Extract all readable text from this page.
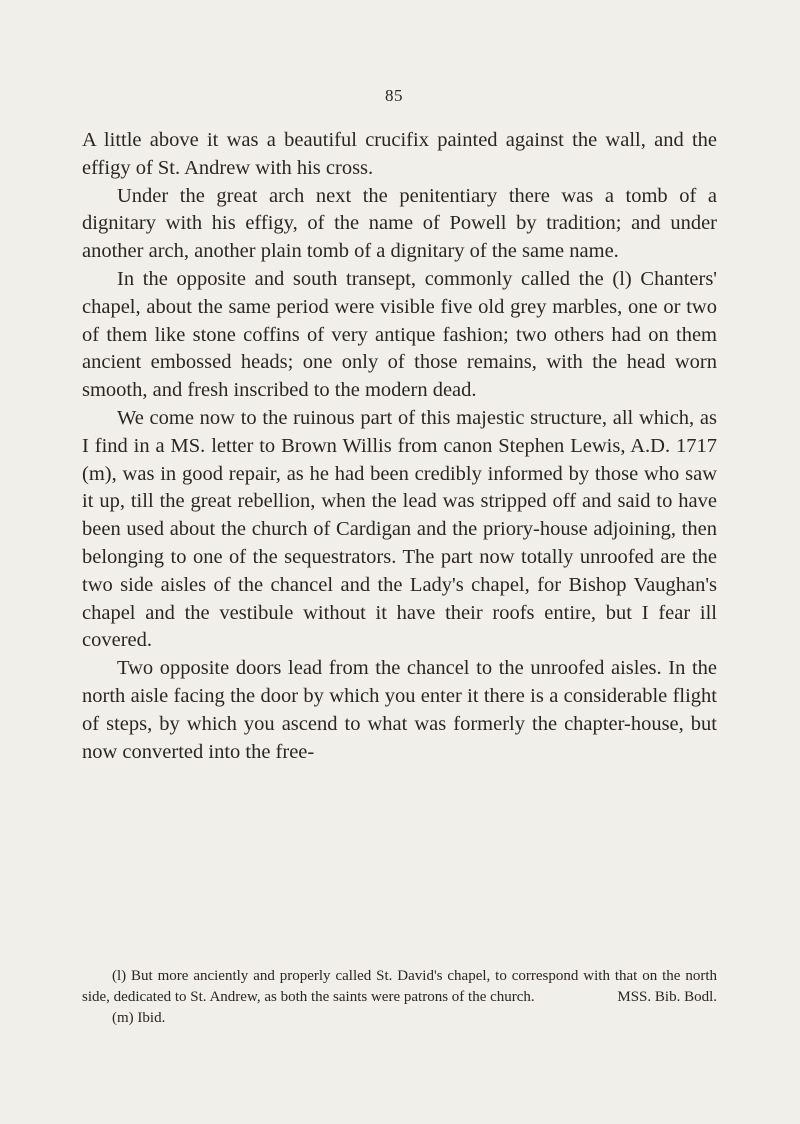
85

A little above it was a beautiful crucifix painted against the wall, and the effigy of St. Andrew with his cross.

Under the great arch next the penitentiary there was a tomb of a dignitary with his effigy, of the name of Powell by tradition; and under another arch, another plain tomb of a dignitary of the same name.

In the opposite and south transept, commonly called the (l) Chanters' chapel, about the same period were visible five old grey marbles, one or two of them like stone coffins of very antique fashion; two others had on them ancient embossed heads; one only of those remains, with the head worn smooth, and fresh inscribed to the modern dead.

We come now to the ruinous part of this majestic structure, all which, as I find in a MS. letter to Brown Willis from canon Stephen Lewis, A.D. 1717 (m), was in good repair, as he had been credibly informed by those who saw it up, till the great rebellion, when the lead was stripped off and said to have been used about the church of Cardigan and the priory-house adjoining, then belonging to one of the sequestrators. The part now totally unroofed are the two side aisles of the chancel and the Lady's chapel, for Bishop Vaughan's chapel and the vestibule without it have their roofs entire, but I fear ill covered.

Two opposite doors lead from the chancel to the unroofed aisles. In the north aisle facing the door by which you enter it there is a considerable flight of steps, by which you ascend to what was formerly the chapter-house, but now converted into the free-

(l) But more anciently and properly called St. David's chapel, to correspond with that on the north side, dedicated to St. Andrew, as both the saints were patrons of the church.	MSS. Bib. Bodl.

(m) Ibid.
